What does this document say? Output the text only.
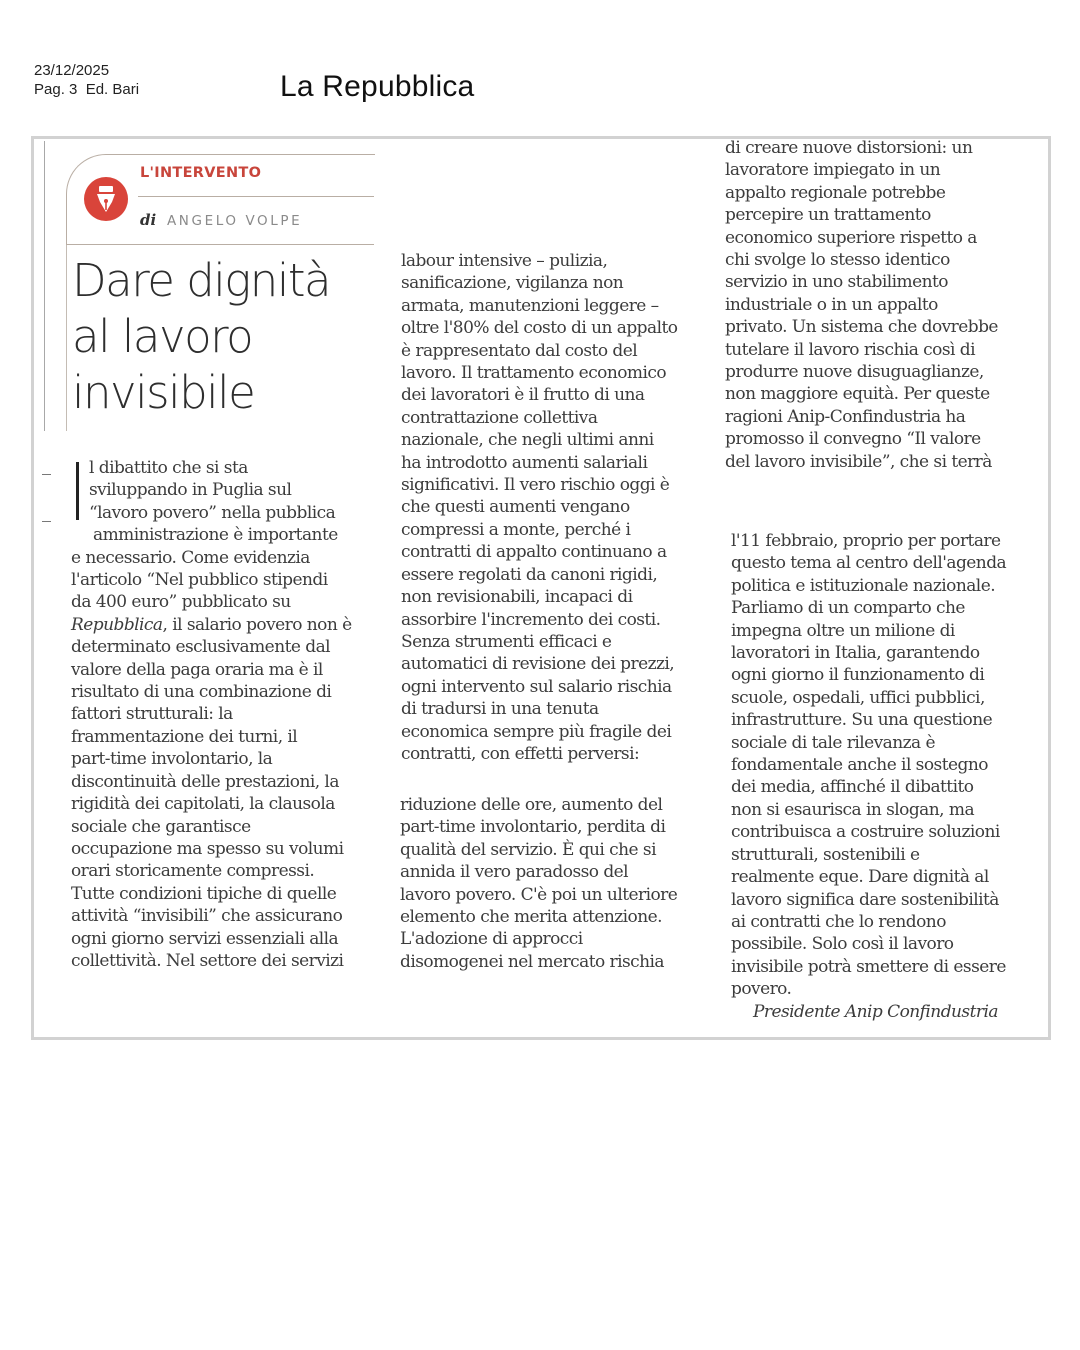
23/12/2025
Pag. 3  Ed. Bari	La Repubblica
L'INTERVENTO
di ANGELO VOLPE
Dare dignità
al lavoro
invisibile

l dibattito che si sta

sviluppando in Puglia sul

“lavoro povero” nella pubblica

amministrazione è importante

e necessario. Come evidenzia

l'articolo “Nel pubblico stipendi

da 400 euro” pubblicato su

Repubblica, il salario povero non è

determinato esclusivamente dal

valore della paga oraria ma è il

risultato di una combinazione di

fattori strutturali: la

frammentazione dei turni, il

part-time involontario, la

discontinuità delle prestazioni, la

rigidità dei capitolati, la clausola

sociale che garantisce

occupazione ma spesso su volumi

orari storicamente compressi.

Tutte condizioni tipiche di quelle

attività “invisibili” che assicurano

ogni giorno servizi essenziali alla

collettività. Nel settore dei servizi

labour intensive – pulizia,

sanificazione, vigilanza non

armata, manutenzioni leggere –

oltre l'80% del costo di un appalto

è rappresentato dal costo del

lavoro. Il trattamento economico

dei lavoratori è il frutto di una

contrattazione collettiva

nazionale, che negli ultimi anni

ha introdotto aumenti salariali

significativi. Il vero rischio oggi è

che questi aumenti vengano

compressi a monte, perché i

contratti di appalto continuano a

essere regolati da canoni rigidi,

non revisionabili, incapaci di

assorbire l'incremento dei costi.

Senza strumenti efficaci e

automatici di revisione dei prezzi,

ogni intervento sul salario rischia

di tradursi in una tenuta

economica sempre più fragile dei

contratti, con effetti perversi:

riduzione delle ore, aumento del

part-time involontario, perdita di

qualità del servizio. È qui che si

annida il vero paradosso del

lavoro povero. C'è poi un ulteriore

elemento che merita attenzione.

L'adozione di approcci

disomogenei nel mercato rischia

di creare nuove distorsioni: un

lavoratore impiegato in un

appalto regionale potrebbe

percepire un trattamento

economico superiore rispetto a

chi svolge lo stesso identico

servizio in uno stabilimento

industriale o in un appalto

privato. Un sistema che dovrebbe

tutelare il lavoro rischia così di

produrre nuove disuguaglianze,

non maggiore equità. Per queste

ragioni Anip-Confindustria ha

promosso il convegno “Il valore

del lavoro invisibile”, che si terrà

l'11 febbraio, proprio per portare

questo tema al centro dell'agenda

politica e istituzionale nazionale.

Parliamo di un comparto che

impegna oltre un milione di

lavoratori in Italia, garantendo

ogni giorno il funzionamento di

scuole, ospedali, uffici pubblici,

infrastrutture. Su una questione

sociale di tale rilevanza è

fondamentale anche il sostegno

dei media, affinché il dibattito

non si esaurisca in slogan, ma

contribuisca a costruire soluzioni

strutturali, sostenibili e

realmente eque. Dare dignità al

lavoro significa dare sostenibilità

ai contratti che lo rendono

possibile. Solo così il lavoro

invisibile potrà smettere di essere

povero.

Presidente Anip Confindustria
